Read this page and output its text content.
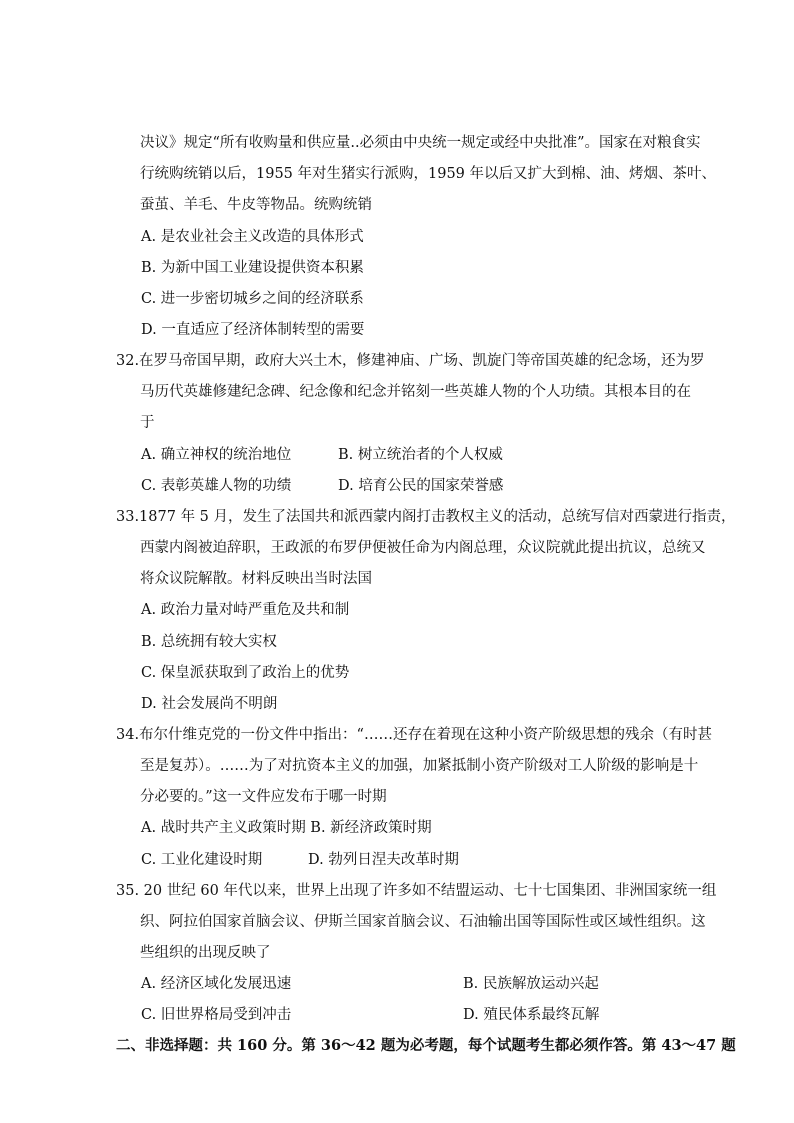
决议》规定“所有收购量和供应量..必须由中央统一规定或经中央批准”。国家在对粮食实
行统购统销以后，1955 年对生猪实行派购，1959 年以后又扩大到棉、油、烤烟、茶叶、
蚕茧、羊毛、牛皮等物品。统购统销
A. 是农业社会主义改造的具体形式
B. 为新中国工业建设提供资本积累
C. 进一步密切城乡之间的经济联系
D. 一直适应了经济体制转型的需要
32.在罗马帝国早期，政府大兴土木，修建神庙、广场、凯旋门等帝国英雄的纪念场，还为罗
马历代英雄修建纪念碑、纪念像和纪念并铭刻一些英雄人物的个人功绩。其根本目的在
于
A. 确立神权的统治地位	B. 树立统治者的个人权威
C. 表彰英雄人物的功绩	D. 培育公民的国家荣誉感
33.1877 年 5 月，发生了法国共和派西蒙内阁打击教权主义的活动，总统写信对西蒙进行指责，
西蒙内阁被迫辞职，王政派的布罗伊便被任命为内阁总理，众议院就此提出抗议，总统又
将众议院解散。材料反映出当时法国
A. 政治力量对峙严重危及共和制
B. 总统拥有较大实权
C. 保皇派获取到了政治上的优势
D. 社会发展尚不明朗
34.布尔什维克党的一份文件中指出：“……还存在着现在这种小资产阶级思想的残余（有时甚
至是复苏）。……为了对抗资本主义的加强，加紧抵制小资产阶级对工人阶级的影响是十
分必要的。”这一文件应发布于哪一时期
A. 战时共产主义政策时期 B. 新经济政策时期
C. 工业化建设时期	D. 勃列日涅夫改革时期
35. 20 世纪 60 年代以来，世界上出现了许多如不结盟运动、七十七国集团、非洲国家统一组
织、阿拉伯国家首脑会议、伊斯兰国家首脑会议、石油输出国等国际性或区域性组织。这
些组织的出现反映了
A. 经济区域化发展迅速	B. 民族解放运动兴起
C. 旧世界格局受到冲击	D. 殖民体系最终瓦解
二、非选择题：共 160 分。第 36～42 题为必考题，每个试题考生都必须作答。第 43～47 题
